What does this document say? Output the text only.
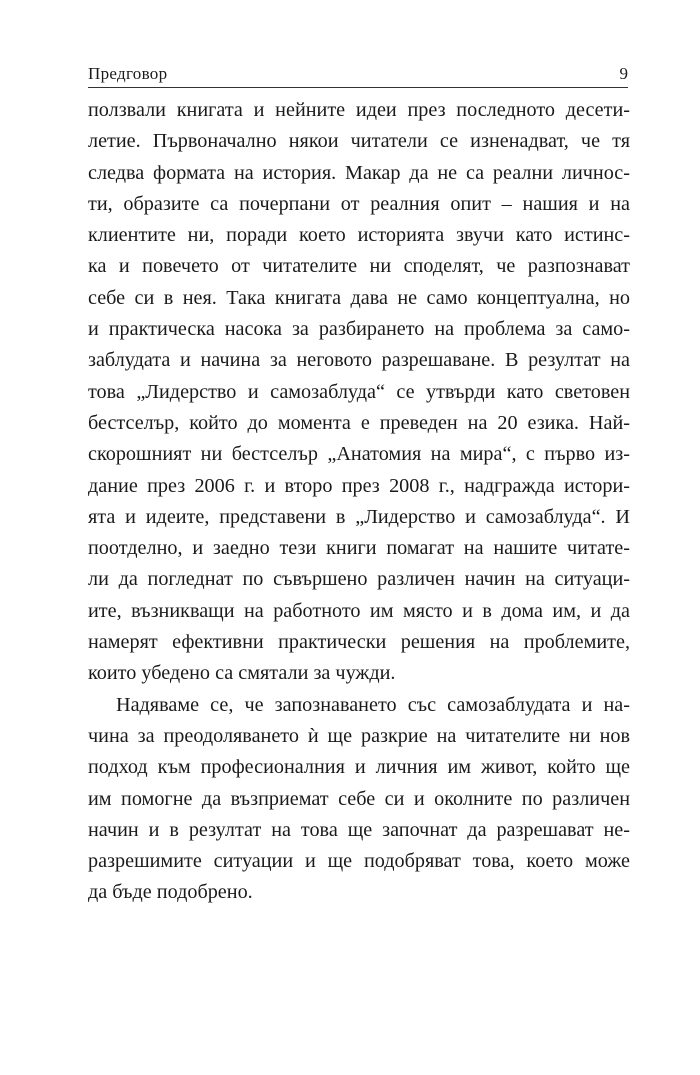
Предговор	9
ползвали книгата и нейните идеи през последното десети-
летие. Първоначално някои читатели се изненадват, че тя
следва формата на история. Макар да не са реални личнос-
ти, образите са почерпани от реалния опит – нашия и на
клиентите ни, поради което историята звучи като истинс-
ка и повечето от читателите ни споделят, че разпознават
себе си в нея. Така книгата дава не само концептуална, но
и практическа насока за разбирането на проблема за само-
заблудата и начина за неговото разрешаване. В резултат на
това „Лидерство и самозаблуда“ се утвърди като световен
бестселър, който до момента е преведен на 20 езика. Най-
скорошният ни бестселър „Анатомия на мира“, с първо из-
дание през 2006 г. и второ през 2008 г., надгражда истори-
ята и идеите, представени в „Лидерство и самозаблуда“. И
поотделно, и заедно тези книги помагат на нашите читате-
ли да погледнат по съвършено различен начин на ситуаци-
ите, възникващи на работното им място и в дома им, и да
намерят ефективни практически решения на проблемите,
които убедено са смятали за чужди.
Надяваме се, че запознаването със самозаблудата и на-
чина за преодоляването ѝ ще разкрие на читателите ни нов
подход към професионалния и личния им живот, който ще
им помогне да възприемат себе си и околните по различен
начин и в резултат на това ще започнат да разрешават не-
разрешимите ситуации и ще подобряват това, което може
да бъде подобрено.
